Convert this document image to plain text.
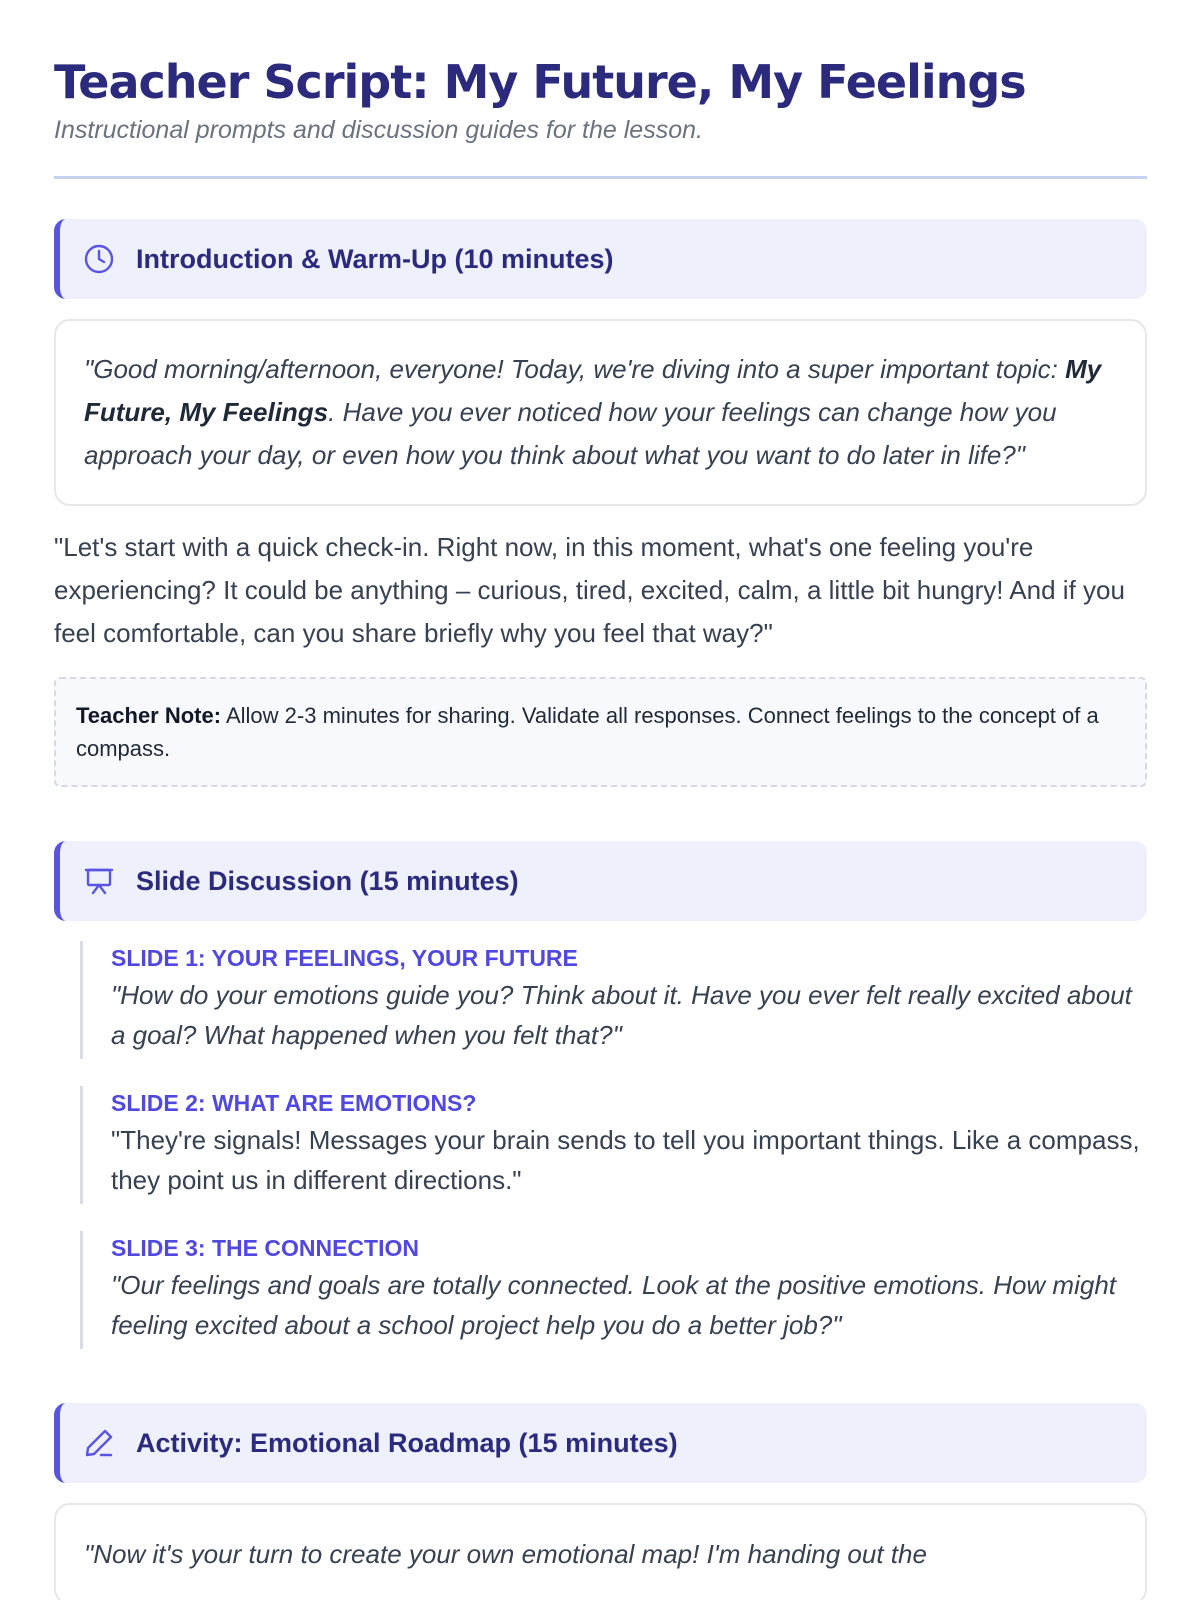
Teacher Script: My Future, My Feelings
Instructional prompts and discussion guides for the lesson.
Introduction & Warm-Up (10 minutes)
"Good morning/afternoon, everyone! Today, we're diving into a super important topic: My Future, My Feelings. Have you ever noticed how your feelings can change how you approach your day, or even how you think about what you want to do later in life?"
"Let's start with a quick check-in. Right now, in this moment, what's one feeling you're experiencing? It could be anything – curious, tired, excited, calm, a little bit hungry! And if you feel comfortable, can you share briefly why you feel that way?"
Teacher Note: Allow 2-3 minutes for sharing. Validate all responses. Connect feelings to the concept of a compass.
Slide Discussion (15 minutes)
SLIDE 1: YOUR FEELINGS, YOUR FUTURE
"How do your emotions guide you? Think about it. Have you ever felt really excited about a goal? What happened when you felt that?"
SLIDE 2: WHAT ARE EMOTIONS?
"They're signals! Messages your brain sends to tell you important things. Like a compass, they point us in different directions."
SLIDE 3: THE CONNECTION
"Our feelings and goals are totally connected. Look at the positive emotions. How might feeling excited about a school project help you do a better job?"
Activity: Emotional Roadmap (15 minutes)
"Now it's your turn to create your own emotional map! I'm handing out the
